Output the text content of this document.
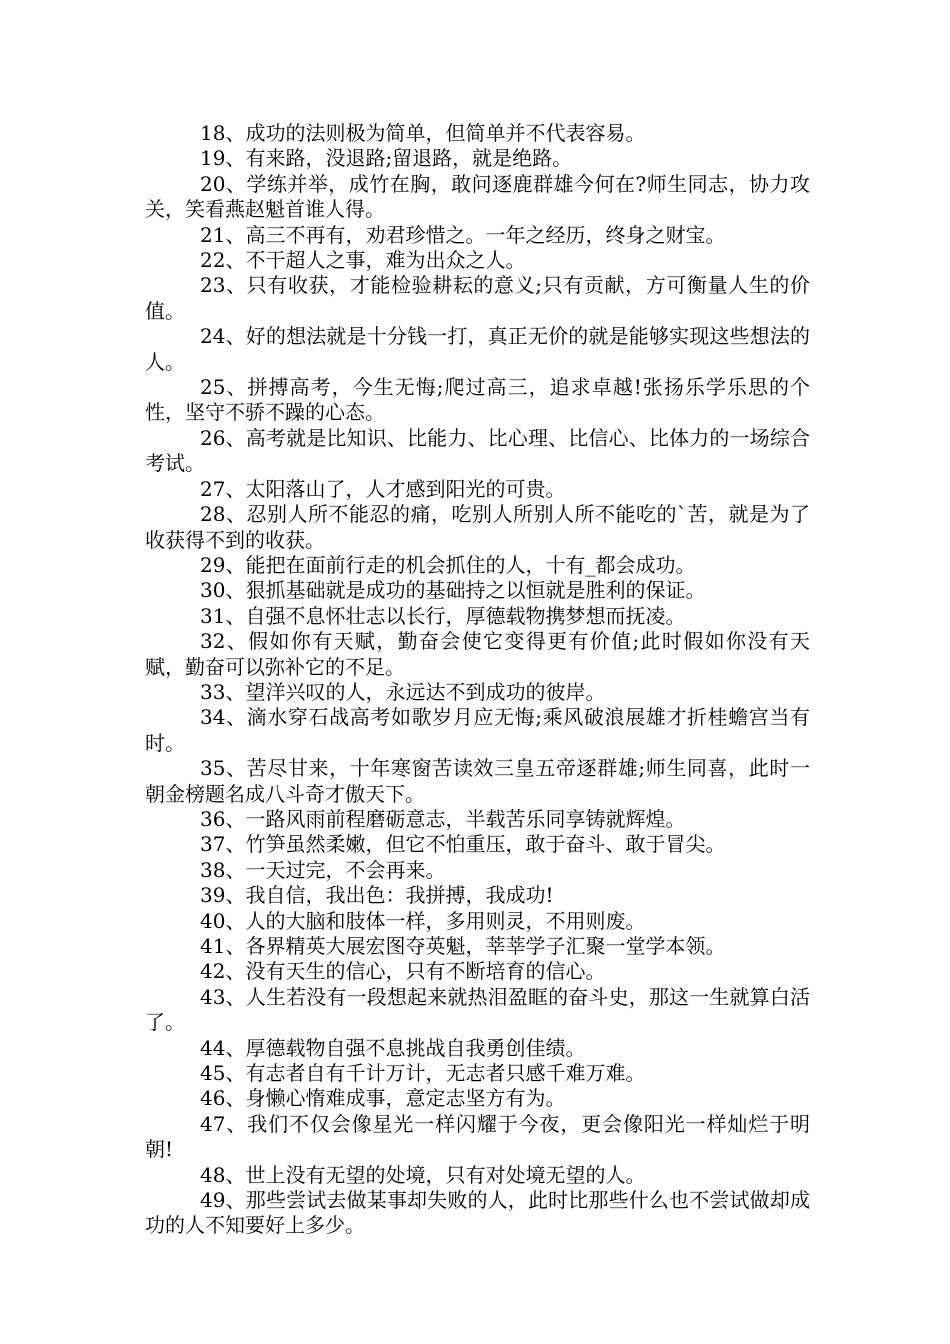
18、成功的法则极为简单，但简单并不代表容易。

19、有来路，没退路;留退路，就是绝路。

20、学练并举，成竹在胸，敢问逐鹿群雄今何在?师生同志，协力攻关，笑看燕赵魁首谁人得。

21、高三不再有，劝君珍惜之。一年之经历，终身之财宝。

22、不干超人之事，难为出众之人。

23、只有收获，才能检验耕耘的意义;只有贡献，方可衡量人生的价值。

24、好的想法就是十分钱一打，真正无价的就是能够实现这些想法的人。

25、拼搏高考，今生无悔;爬过高三，追求卓越!张扬乐学乐思的个性，坚守不骄不躁的心态。

26、高考就是比知识、比能力、比心理、比信心、比体力的一场综合考试。

27、太阳落山了，人才感到阳光的可贵。

28、忍别人所不能忍的痛，吃别人所别人所不能吃的`苦，就是为了收获得不到的收获。

29、能把在面前行走的机会抓住的人，十有_都会成功。

30、狠抓基础就是成功的基础持之以恒就是胜利的保证。

31、自强不息怀壮志以长行，厚德载物携梦想而抚凌。

32、假如你有天赋，勤奋会使它变得更有价值;此时假如你没有天赋，勤奋可以弥补它的不足。

33、望洋兴叹的人，永远达不到成功的彼岸。

34、滴水穿石战高考如歌岁月应无悔;乘风破浪展雄才折桂蟾宫当有时。

35、苦尽甘来，十年寒窗苦读效三皇五帝逐群雄;师生同喜，此时一朝金榜题名成八斗奇才傲天下。

36、一路风雨前程磨砺意志，半载苦乐同享铸就辉煌。

37、竹笋虽然柔嫩，但它不怕重压，敢于奋斗、敢于冒尖。

38、一天过完，不会再来。

39、我自信，我出色：我拼搏，我成功!

40、人的大脑和肢体一样，多用则灵，不用则废。

41、各界精英大展宏图夺英魁，莘莘学子汇聚一堂学本领。

42、没有天生的信心，只有不断培育的信心。

43、人生若没有一段想起来就热泪盈眶的奋斗史，那这一生就算白活了。

44、厚德载物自强不息挑战自我勇创佳绩。

45、有志者自有千计万计，无志者只感千难万难。

46、身懒心惰难成事，意定志坚方有为。

47、我们不仅会像星光一样闪耀于今夜，更会像阳光一样灿烂于明朝!

48、世上没有无望的处境，只有对处境无望的人。

49、那些尝试去做某事却失败的人，此时比那些什么也不尝试做却成功的人不知要好上多少。
